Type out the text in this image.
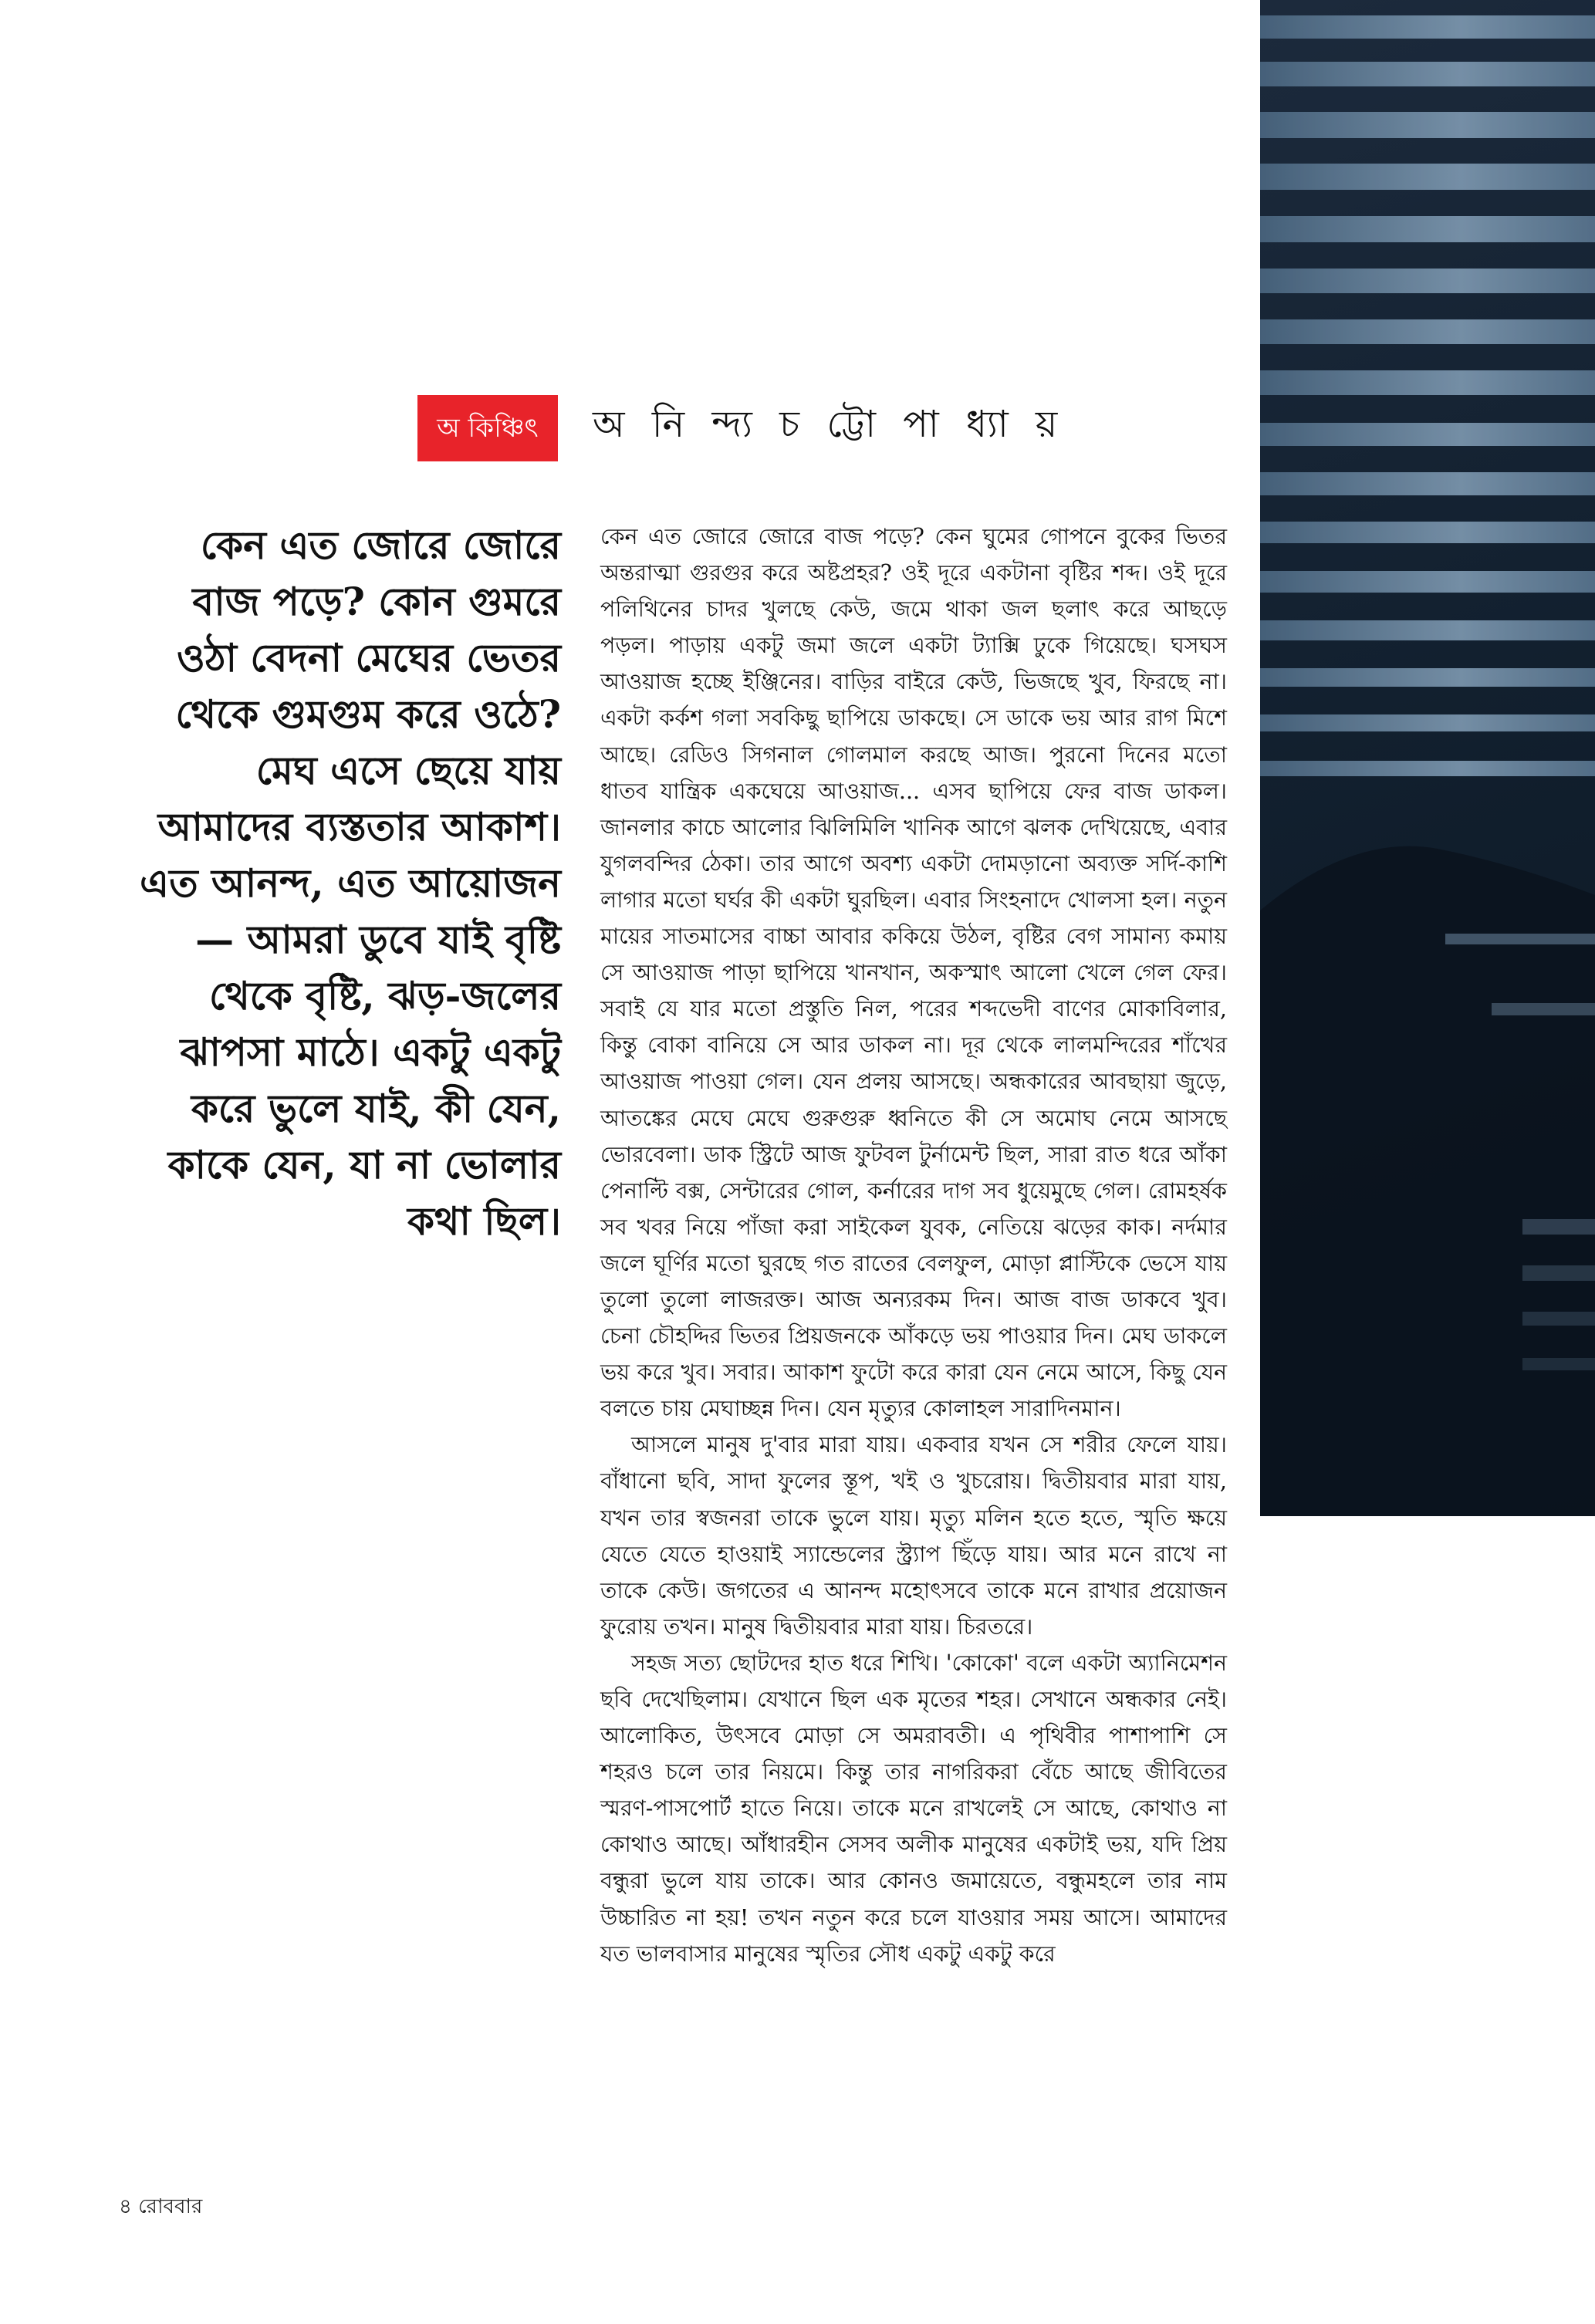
অ কিঞ্চিৎ	অ নি ন্দ্য চ ট্টো পা ধ্যা য়
কেন এত জোরে জোরে বাজ পড়ে? কোন গুমরে ওঠা বেদনা মেঘের ভেতর থেকে গুমগুম করে ওঠে? মেঘ এসে ছেয়ে যায় আমাদের ব্যস্ততার আকাশ। এত আনন্দ, এত আয়োজন— আমরা ডুবে যাই বৃষ্টি থেকে বৃষ্টি, ঝড়-জলের ঝাপসা মাঠে। একটু একটু করে ভুলে যাই, কী যেন, কাকে যেন, যা না ভোলার কথা ছিল।

কেন এত জোরে জোরে বাজ পড়ে? কেন ঘুমের গোপনে বুকের ভিতর অন্তরাত্মা গুরগুর করে অষ্টপ্রহর? ওই দূরে একটানা বৃষ্টির শব্দ। ওই দূরে পলিথিনের চাদর খুলছে কেউ, জমে থাকা জল ছলাৎ করে আছড়ে পড়ল। পাড়ায় একটু জমা জলে একটা ট্যাক্সি ঢুকে গিয়েছে। ঘসঘস আওয়াজ হচ্ছে ইঞ্জিনের। বাড়ির বাইরে কেউ, ভিজছে খুব, ফিরছে না। একটা কর্কশ গলা সবকিছু ছাপিয়ে ডাকছে। সে ডাকে ভয় আর রাগ মিশে আছে। রেডিও সিগনাল গোলমাল করছে আজ। পুরনো দিনের মতো ধাতব যান্ত্রিক একঘেয়ে আওয়াজ... এসব ছাপিয়ে ফের বাজ ডাকল। জানলার কাচে আলোর ঝিলিমিলি খানিক আগে ঝলক দেখিয়েছে, এবার যুগলবন্দির ঠেকা। তার আগে অবশ্য একটা দোমড়ানো অব্যক্ত সর্দি-কাশি লাগার মতো ঘর্ঘর কী একটা ঘুরছিল। এবার সিংহনাদে খোলসা হল। নতুন মায়ের সাতমাসের বাচ্চা আবার ককিয়ে উঠল, বৃষ্টির বেগ সামান্য কমায় সে আওয়াজ পাড়া ছাপিয়ে খানখান, অকস্মাৎ আলো খেলে গেল ফের। সবাই যে যার মতো প্রস্তুতি নিল, পরের শব্দভেদী বাণের মোকাবিলার, কিন্তু বোকা বানিয়ে সে আর ডাকল না। দূর থেকে লালমন্দিরের শাঁখের আওয়াজ পাওয়া গেল। যেন প্রলয় আসছে। অন্ধকারের আবছায়া জুড়ে, আতঙ্কের মেঘে মেঘে গুরুগুরু ধ্বনিতে কী সে অমোঘ নেমে আসছে ভোরবেলা। ডাক স্ট্রিটে আজ ফুটবল টুর্নামেন্ট ছিল, সারা রাত ধরে আঁকা পেনাল্টি বক্স, সেন্টারের গোল, কর্নারের দাগ সব ধুয়েমুছে গেল। রোমহর্ষক সব খবর নিয়ে পাঁজা করা সাইকেল যুবক, নেতিয়ে ঝড়ের কাক। নর্দমার জলে ঘূর্ণির মতো ঘুরছে গত রাতের বেলফুল, মোড়া প্লাস্টিকে ভেসে যায় তুলো তুলো লাজরক্ত। আজ অন্যরকম দিন। আজ বাজ ডাকবে খুব। চেনা চৌহদ্দির ভিতর প্রিয়জনকে আঁকড়ে ভয় পাওয়ার দিন। মেঘ ডাকলে ভয় করে খুব। সবার। আকাশ ফুটো করে কারা যেন নেমে আসে, কিছু যেন বলতে চায় মেঘাচ্ছন্ন দিন। যেন মৃত্যুর কোলাহল সারাদিনমান।

আসলে মানুষ দু'বার মারা যায়। একবার যখন সে শরীর ফেলে যায়। বাঁধানো ছবি, সাদা ফুলের স্তূপ, খই ও খুচরোয়। দ্বিতীয়বার মারা যায়, যখন তার স্বজনরা তাকে ভুলে যায়। মৃত্যু মলিন হতে হতে, স্মৃতি ক্ষয়ে যেতে যেতে হাওয়াই স্যান্ডেলের স্ট্র্যাপ ছিঁড়ে যায়। আর মনে রাখে না তাকে কেউ। জগতের এ আনন্দ মহোৎসবে তাকে মনে রাখার প্রয়োজন ফুরোয় তখন। মানুষ দ্বিতীয়বার মারা যায়। চিরতরে।

সহজ সত্য ছোটদের হাত ধরে শিখি। 'কোকো' বলে একটা অ্যানিমেশন ছবি দেখেছিলাম। যেখানে ছিল এক মৃতের শহর। সেখানে অন্ধকার নেই। আলোকিত, উৎসবে মোড়া সে অমরাবতী। এ পৃথিবীর পাশাপাশি সে শহরও চলে তার নিয়মে। কিন্তু তার নাগরিকরা বেঁচে আছে জীবিতের স্মরণ-পাসপোর্ট হাতে নিয়ে। তাকে মনে রাখলেই সে আছে, কোথাও না কোথাও আছে। আঁধারহীন সেসব অলীক মানুষের একটাই ভয়, যদি প্রিয় বন্ধুরা ভুলে যায় তাকে। আর কোনও জমায়েতে, বন্ধুমহলে তার নাম উচ্চারিত না হয়! তখন নতুন করে চলে যাওয়ার সময় আসে। আমাদের যত ভালবাসার মানুষের স্মৃতির সৌধ একটু একটু করে

৪ রোববার
